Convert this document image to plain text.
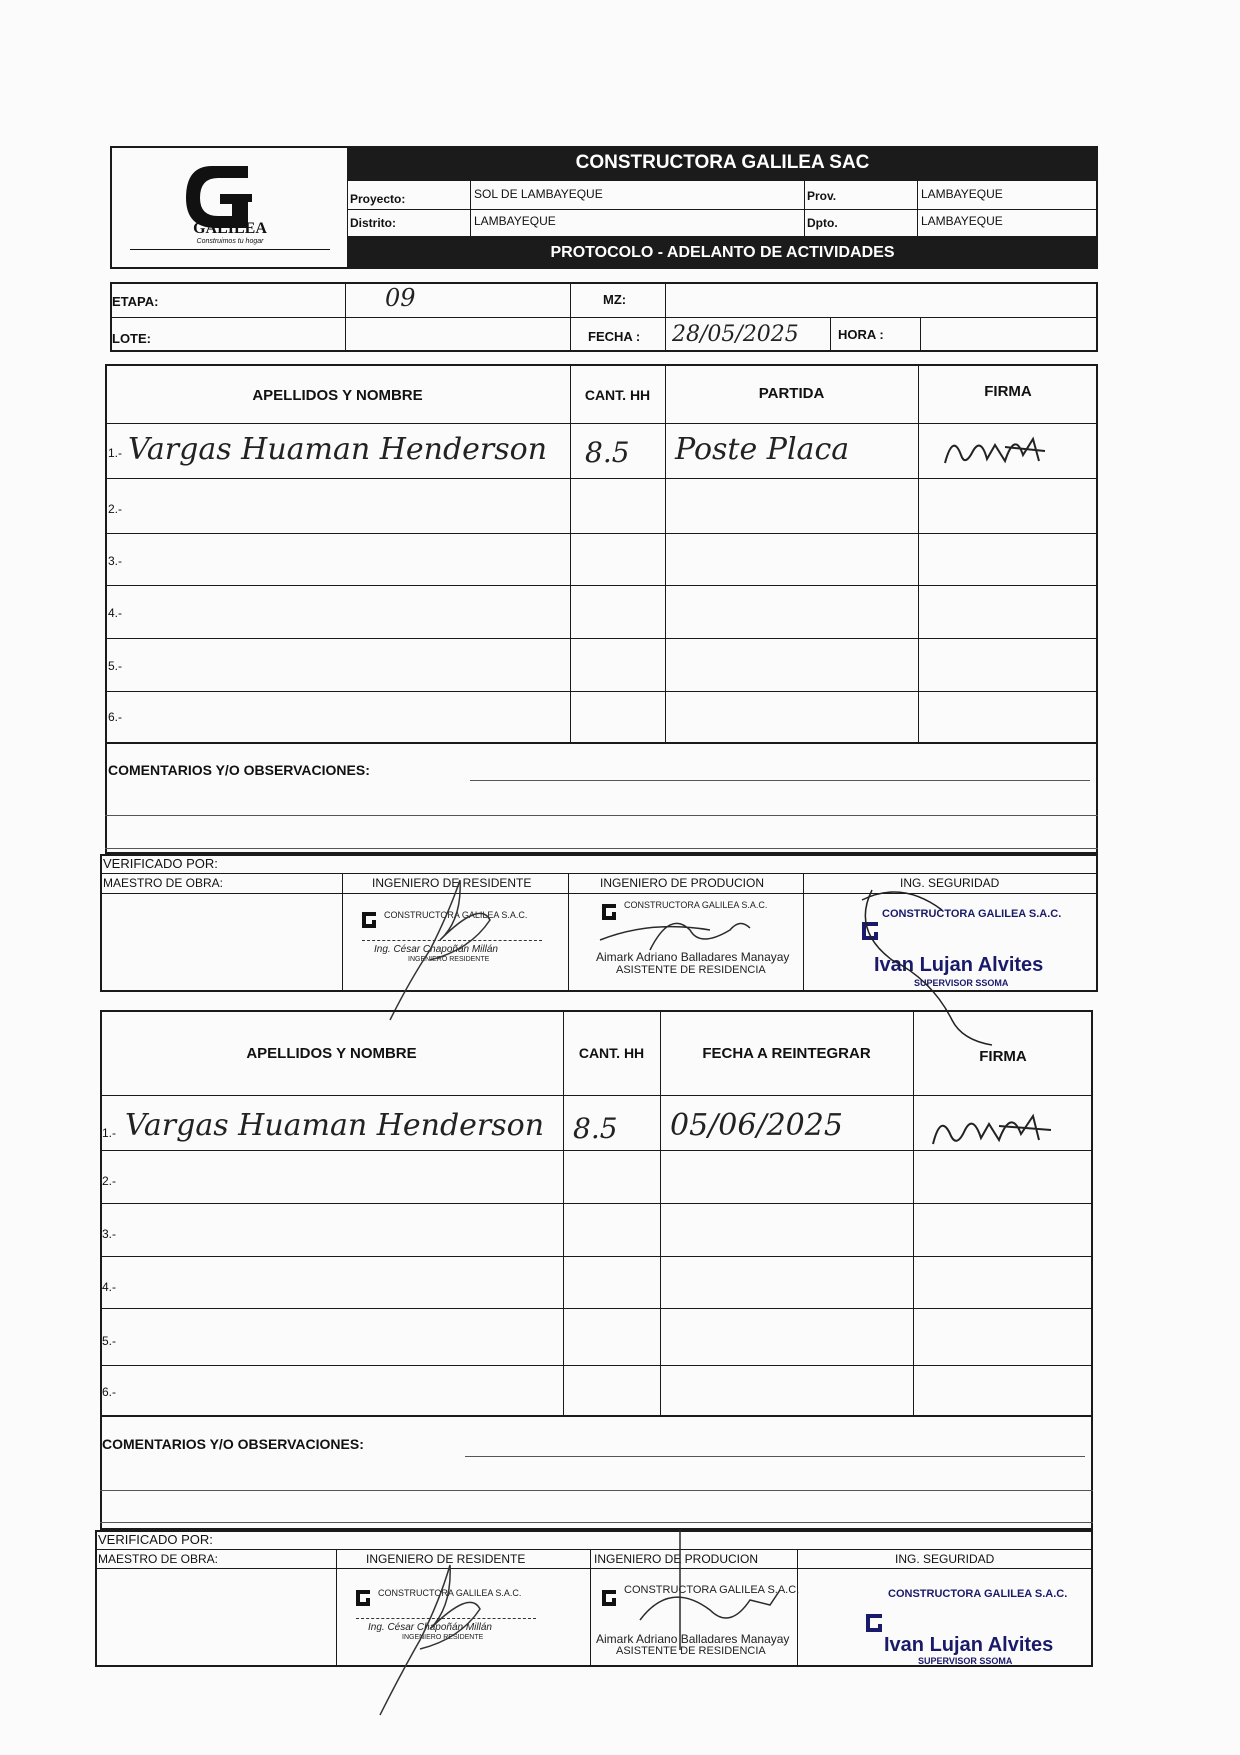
GALILEA
Construimos tu hogar
CONSTRUCTORA GALILEA SAC
Proyecto:	SOL DE LAMBAYEQUE
Distrito:	LAMBAYEQUE
Prov.	LAMBAYEQUE
Dpto.	LAMBAYEQUE
PROTOCOLO - ADELANTO DE ACTIVIDADES
ETAPA:	09	MZ:
LOTE:	FECHA : 28/05/2025	HORA :
APELLIDOS Y NOMBRE	CANT. HH	PARTIDA	FIRMA
1.- Vargas Huaman Henderson 8.5 Poste Placa
2.-
3.-
4.-
5.-
6.-
COMENTARIOS Y/O OBSERVACIONES:
VERIFICADO POR:
MAESTRO DE OBRA:	INGENIERO DE RESIDENTE	INGENIERO DE PRODUCION	ING. SEGURIDAD
CONSTRUCTORA GALILEA S.A.C.
Ing. César Chapoñán Millán
INGENIERO RESIDENTE
CONSTRUCTORA GALILEA S.A.C.
Aimark Adriano Balladares Manayay
ASISTENTE DE RESIDENCIA
CONSTRUCTORA GALILEA S.A.C.
Ivan Lujan Alvites
SUPERVISOR SSOMA
APELLIDOS Y NOMBRE	CANT. HH	FECHA A REINTEGRAR	FIRMA
1.- Vargas Huaman Henderson 8.5 05/06/2025
2.-
3.-
4.-
5.-
6.-
COMENTARIOS Y/O OBSERVACIONES:
VERIFICADO POR:
MAESTRO DE OBRA:	INGENIERO DE RESIDENTE	INGENIERO DE PRODUCION	ING. SEGURIDAD
CONSTRUCTORA GALILEA S.A.C.
Ing. César Chapoñán Millán
INGENIERO RESIDENTE
CONSTRUCTORA GALILEA S.A.C.
Aimark Adriano Balladares Manayay
ASISTENTE DE RESIDENCIA
CONSTRUCTORA GALILEA S.A.C.
Ivan Lujan Alvites
SUPERVISOR SSOMA
